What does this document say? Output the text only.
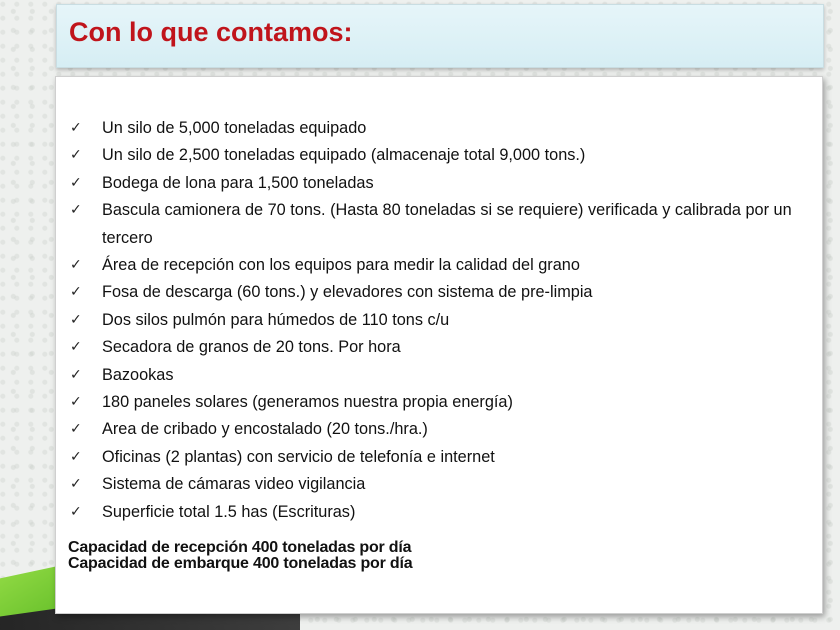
Con lo que contamos:
✓ Un silo de 5,000 toneladas equipado
✓ Un silo de 2,500 toneladas equipado (almacenaje total 9,000 tons.)
✓ Bodega de lona para 1,500 toneladas
✓ Bascula camionera de 70 tons. (Hasta 80 toneladas si se requiere) verificada y calibrada por un tercero
✓ Área de recepción con los equipos para medir la calidad del grano
✓ Fosa de descarga (60 tons.) y elevadores con sistema de pre-limpia
✓ Dos silos pulmón para húmedos de 110 tons c/u
✓ Secadora de granos de 20 tons. Por hora
✓ Bazookas
✓ 180 paneles solares (generamos nuestra propia energía)
✓ Area de cribado y encostalado (20 tons./hra.)
✓ Oficinas (2 plantas) con servicio de telefonía e internet
✓ Sistema de cámaras video vigilancia
✓ Superficie total 1.5 has (Escrituras)
Capacidad de recepción 400 toneladas por día
Capacidad de embarque 400 toneladas por día
